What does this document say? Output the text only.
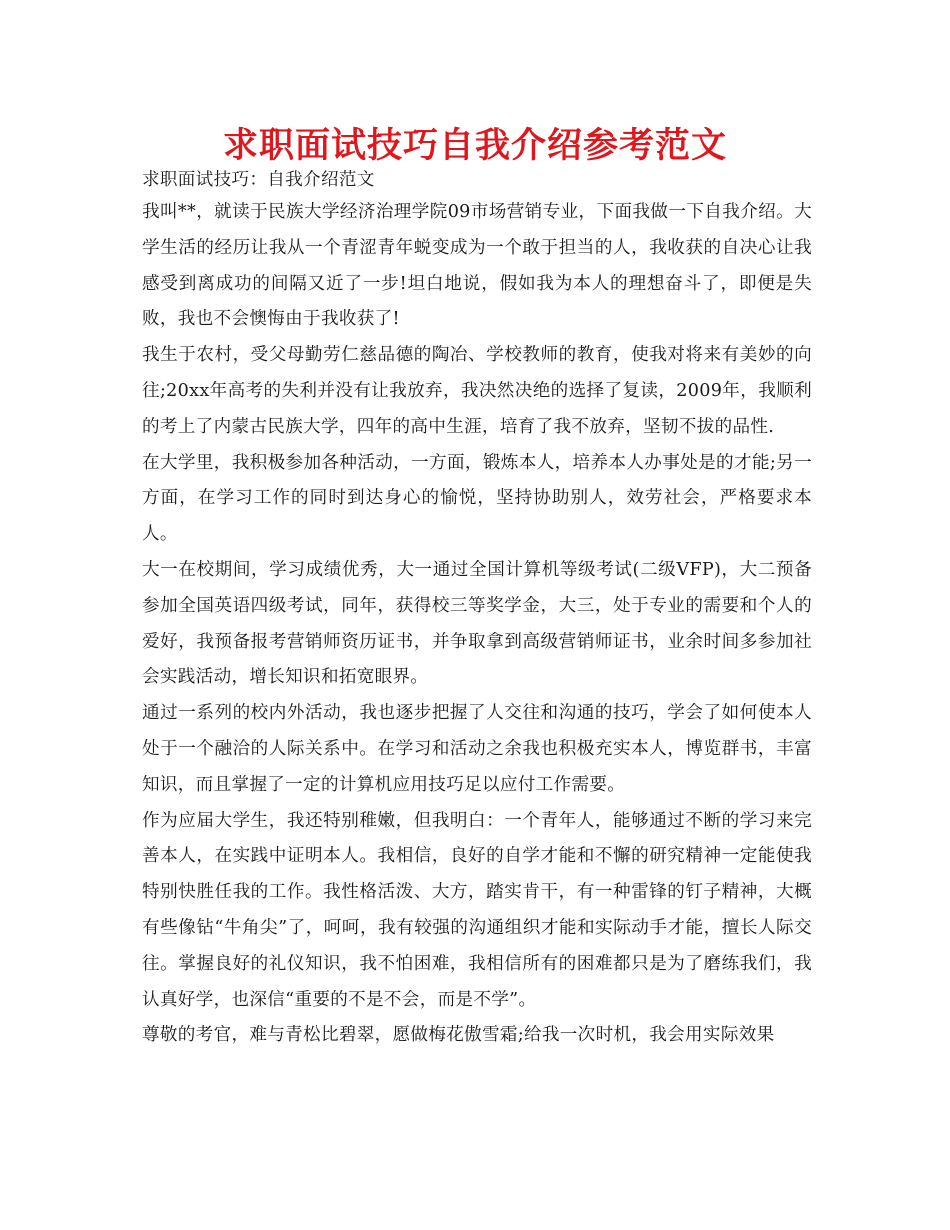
求职面试技巧自我介绍参考范文

求职面试技巧：自我介绍范文

我叫**，就读于民族大学经济治理学院09市场营销专业，下面我做一下自我介绍。大学生活的经历让我从一个青涩青年蜕变成为一个敢于担当的人，我收获的自决心让我感受到离成功的间隔又近了一步!坦白地说，假如我为本人的理想奋斗了，即便是失败，我也不会懊悔由于我收获了!

我生于农村，受父母勤劳仁慈品德的陶冶、学校教师的教育，使我对将来有美妙的向往;20xx年高考的失利并没有让我放弃，我决然决绝的选择了复读，2009年，我顺利的考上了内蒙古民族大学，四年的高中生涯，培育了我不放弃，坚韧不拔的品性.

在大学里，我积极参加各种活动，一方面，锻炼本人，培养本人办事处是的才能;另一方面，在学习工作的同时到达身心的愉悦，坚持协助别人，效劳社会，严格要求本人。

大一在校期间，学习成绩优秀，大一通过全国计算机等级考试(二级VFP)，大二预备参加全国英语四级考试，同年，获得校三等奖学金，大三，处于专业的需要和个人的爱好，我预备报考营销师资历证书，并争取拿到高级营销师证书，业余时间多参加社会实践活动，增长知识和拓宽眼界。

通过一系列的校内外活动，我也逐步把握了人交往和沟通的技巧，学会了如何使本人处于一个融洽的人际关系中。在学习和活动之余我也积极充实本人，博览群书，丰富知识，而且掌握了一定的计算机应用技巧足以应付工作需要。

作为应届大学生，我还特别稚嫩，但我明白：一个青年人，能够通过不断的学习来完善本人，在实践中证明本人。我相信，良好的自学才能和不懈的研究精神一定能使我特别快胜任我的工作。我性格活泼、大方，踏实肯干，有一种雷锋的钉子精神，大概有些像钻“牛角尖”了，呵呵，我有较强的沟通组织才能和实际动手才能，擅长人际交往。掌握良好的礼仪知识，我不怕困难，我相信所有的困难都只是为了磨练我们，我认真好学，也深信“重要的不是不会，而是不学”。

尊敬的考官，难与青松比碧翠，愿做梅花傲雪霜;给我一次时机，我会用实际效果
